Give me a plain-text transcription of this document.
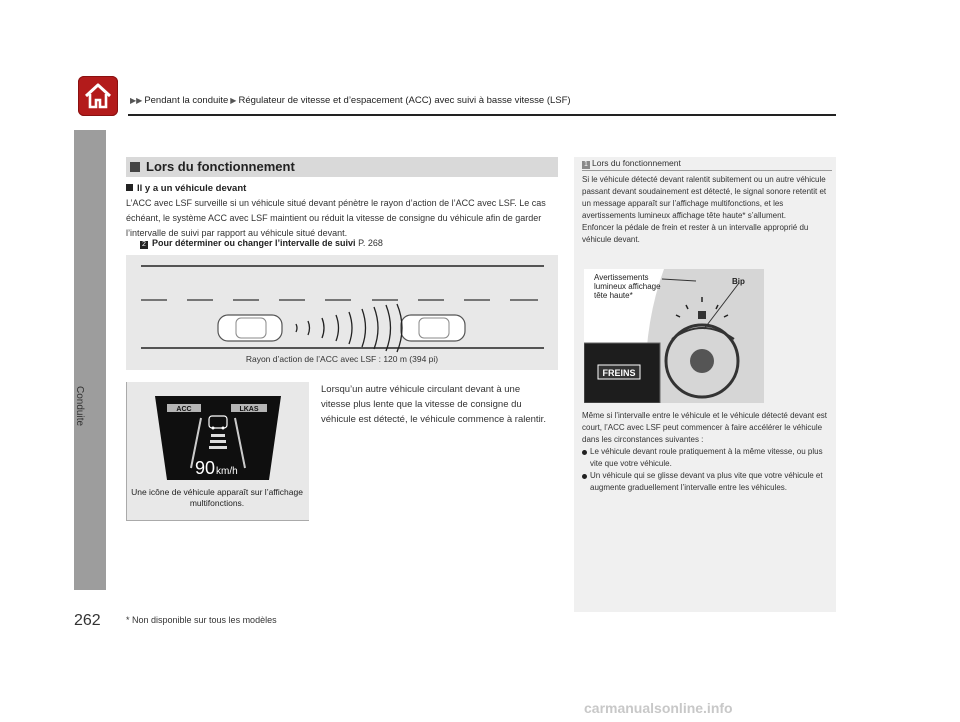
▶▶ Pendant la conduite ▶ Régulateur de vitesse et d’espacement (ACC) avec suivi à basse vitesse (LSF)
Conduite
Lors du fonctionnement
Il y a un véhicule devant
L’ACC avec LSF surveille si un véhicule situé devant pénètre le rayon d’action de l’ACC avec LSF. Le cas échéant, le système ACC avec LSF maintient ou réduit la vitesse de consigne du véhicule afin de garder l’intervalle de suivi par rapport au véhicule situé devant.
2 Pour déterminer ou changer l’intervalle de suivi P. 268
Rayon d’action de l’ACC avec LSF : 120 m (394 pi)
ACC	LKAS
90 km/h
Une icône de véhicule apparaît sur l’affichage multifonctions.
Lorsqu’un autre véhicule circulant devant à une vitesse plus lente que la vitesse de consigne du véhicule est détecté, le véhicule commence à ralentir.
1 Lors du fonctionnement
Si le véhicule détecté devant ralentit subitement ou un autre véhicule passant devant soudainement est détecté, le signal sonore retentit et un message apparaît sur l’affichage multifonctions, et les avertissements lumineux affichage tête haute* s’allument.
Enfoncer la pédale de frein et rester à un intervalle approprié du véhicule devant.
FREINS
Bip
Avertissements lumineux affichage tête haute*
Même si l’intervalle entre le véhicule et le véhicule détecté devant est court, l’ACC avec LSF peut commencer à faire accélérer le véhicule dans les circonstances suivantes :
Le véhicule devant roule pratiquement à la même vitesse, ou plus vite que votre véhicule.
Un véhicule qui se glisse devant va plus vite que votre véhicule et augmente graduellement l’intervalle entre les véhicules.
262	* Non disponible sur tous les modèles
carmanualsonline.info
